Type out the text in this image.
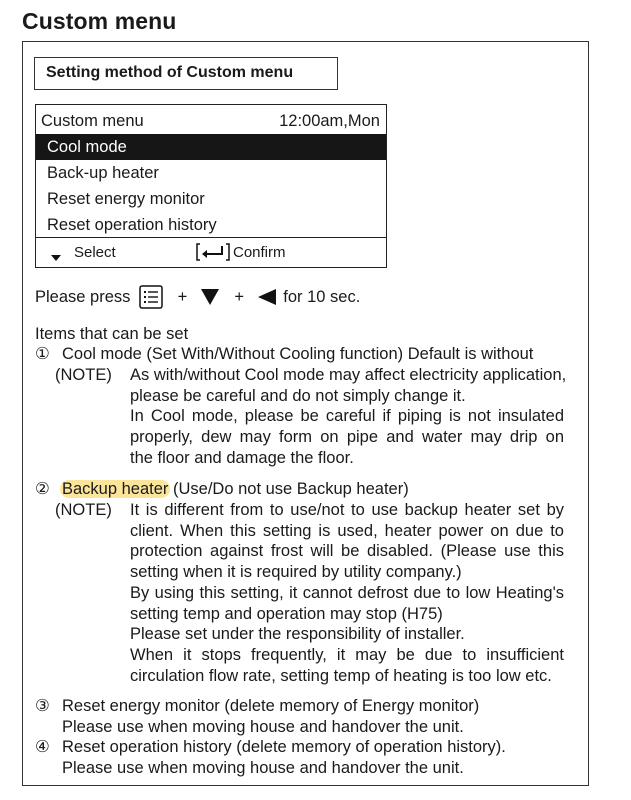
Custom menu
Setting method of Custom menu
Custom menu	12:00am,Mon
Cool mode
Back-up heater
Reset energy monitor
Reset operation history
Select	Confirm
Please press	+	+ for 10 sec.
Items that can be set
① Cool mode (Set With/Without Cooling function) Default is without
(NOTE) As with/without Cool mode may affect electricity application,
please be careful and do not simply change it.
In Cool mode, please be careful if piping is not insulated
properly, dew may form on pipe and water may drip on
the floor and damage the floor.
② Backup heater (Use/Do not use Backup heater)
(NOTE) It is different from to use/not to use backup heater set by
client. When this setting is used, heater power on due to
protection against frost will be disabled. (Please use this
setting when it is required by utility company.)
By using this setting, it cannot defrost due to low Heating's
setting temp and operation may stop (H75)
Please set under the responsibility of installer.
When it stops frequently, it may be due to insufficient
circulation flow rate, setting temp of heating is too low etc.
③ Reset energy monitor (delete memory of Energy monitor)
Please use when moving house and handover the unit.
④ Reset operation history (delete memory of operation history).
Please use when moving house and handover the unit.
